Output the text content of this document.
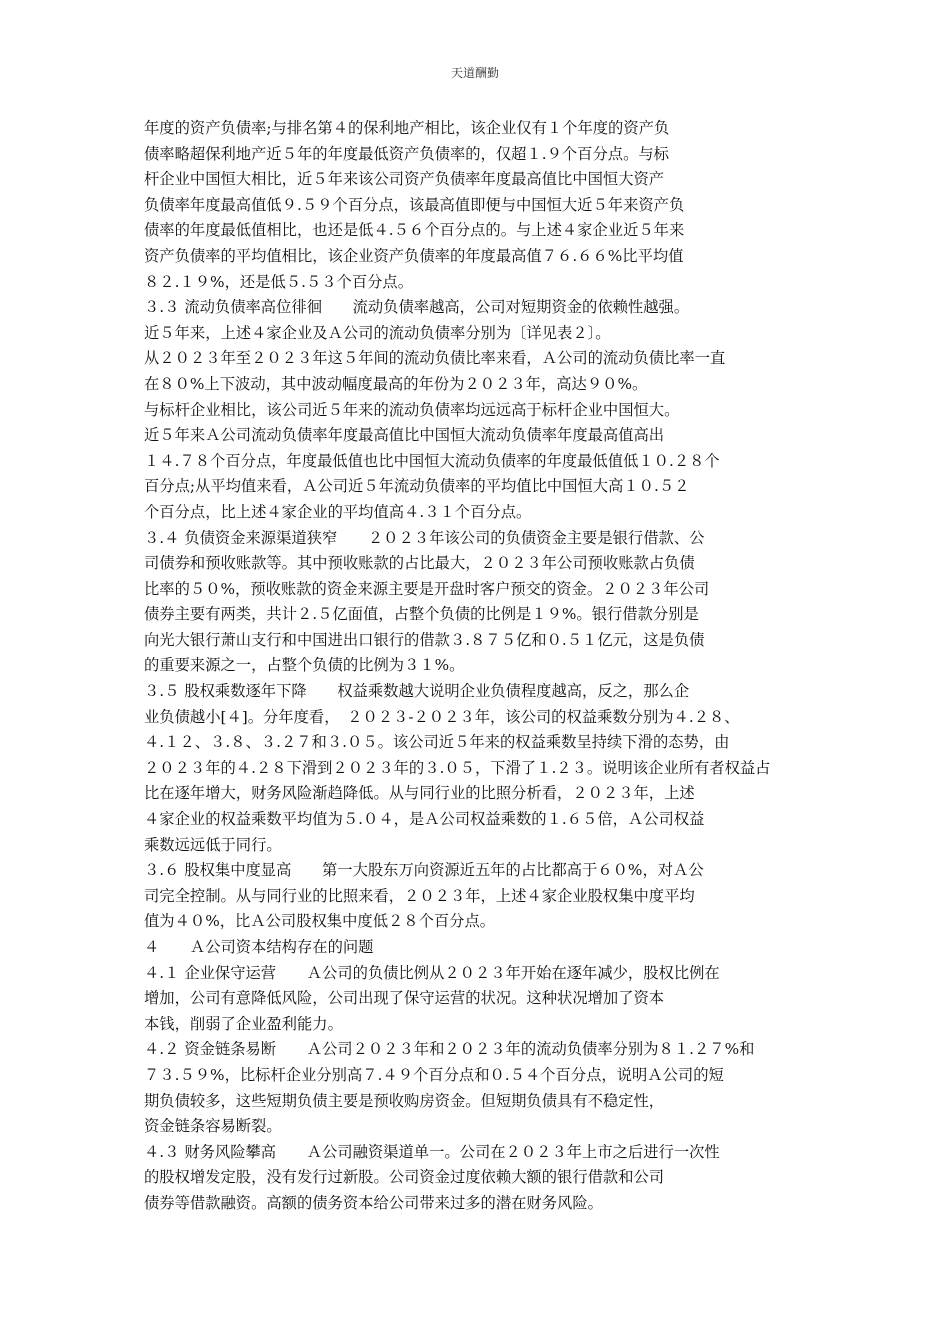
天道酬勤
年度的资产负债率;与排名第４的保利地产相比，该企业仅有１个年度的资产负
债率略超保利地产近５年的年度最低资产负债率的，仅超１.９个百分点。与标
杆企业中国恒大相比，近５年来该公司资产负债率年度最高值比中国恒大资产
负债率年度最高值低９.５９个百分点，该最高值即便与中国恒大近５年来资产负
债率的年度最低值相比，也还是低４.５６个百分点的。与上述４家企业近５年来
资产负债率的平均值相比，该企业资产负债率的年度最高值７６.６６%比平均值
８２.１９%，还是低５.５３个百分点。
３.３ 流动负债率高位徘徊　　流动负债率越高，公司对短期资金的依赖性越强。
近５年来，上述４家企业及Ａ公司的流动负债率分别为〔详见表２〕。
从２０２３年至２０２３年这５年间的流动负债比率来看，Ａ公司的流动负债比率一直
在８０%上下波动，其中波动幅度最高的年份为２０２３年，高达９０%。
与标杆企业相比，该公司近５年来的流动负债率均远远高于标杆企业中国恒大。
近５年来Ａ公司流动负债率年度最高值比中国恒大流动负债率年度最高值高出
１４.７８个百分点，年度最低值也比中国恒大流动负债率的年度最低值低１０.２８个
百分点;从平均值来看，Ａ公司近５年流动负债率的平均值比中国恒大高１０.５２
个百分点，比上述４家企业的平均值高４.３１个百分点。
３.４ 负债资金来源渠道狭窄　　２０２３年该公司的负债资金主要是银行借款、公
司债券和预收账款等。其中预收账款的占比最大，２０２３年公司预收账款占负债
比率的５０%，预收账款的资金来源主要是开盘时客户预交的资金。２０２３年公司
债券主要有两类，共计２.５亿面值，占整个负债的比例是１９%。银行借款分别是
向光大银行萧山支行和中国进出口银行的借款３.８７５亿和０.５１亿元，这是负债
的重要来源之一，占整个负债的比例为３１%。
３.５ 股权乘数逐年下降　　权益乘数越大说明企业负债程度越高，反之，那么企
业负债越小[４]。分年度看，　２０２３-２０２３年，该公司的权益乘数分别为４.２８、
４.１２、３.８、３.２７和３.０５。该公司近５年来的权益乘数呈持续下滑的态势，由
２０２３年的４.２８下滑到２０２３年的３.０５，下滑了１.２３。说明该企业所有者权益占
比在逐年增大，财务风险渐趋降低。从与同行业的比照分析看，２０２３年，上述
４家企业的权益乘数平均值为５.０４，是Ａ公司权益乘数的１.６５倍，Ａ公司权益
乘数远远低于同行。
３.６ 股权集中度显高　　第一大股东万向资源近五年的占比都高于６０%，对Ａ公
司完全控制。从与同行业的比照来看，２０２３年，上述４家企业股权集中度平均
值为４０%，比Ａ公司股权集中度低２８个百分点。
４　　Ａ公司资本结构存在的问题
４.１ 企业保守运营　　Ａ公司的负债比例从２０２３年开始在逐年减少，股权比例在
增加，公司有意降低风险，公司出现了保守运营的状况。这种状况增加了资本
本钱，削弱了企业盈利能力。
４.２ 资金链条易断　　Ａ公司２０２３年和２０２３年的流动负债率分别为８１.２７%和
７３.５９%，比标杆企业分别高７.４９个百分点和０.５４个百分点，说明Ａ公司的短
期负债较多，这些短期负债主要是预收购房资金。但短期负债具有不稳定性，
资金链条容易断裂。
４.３ 财务风险攀高　　Ａ公司融资渠道单一。公司在２０２３年上市之后进行一次性
的股权增发定股，没有发行过新股。公司资金过度依赖大额的银行借款和公司
债券等借款融资。高额的债务资本给公司带来过多的潜在财务风险。
